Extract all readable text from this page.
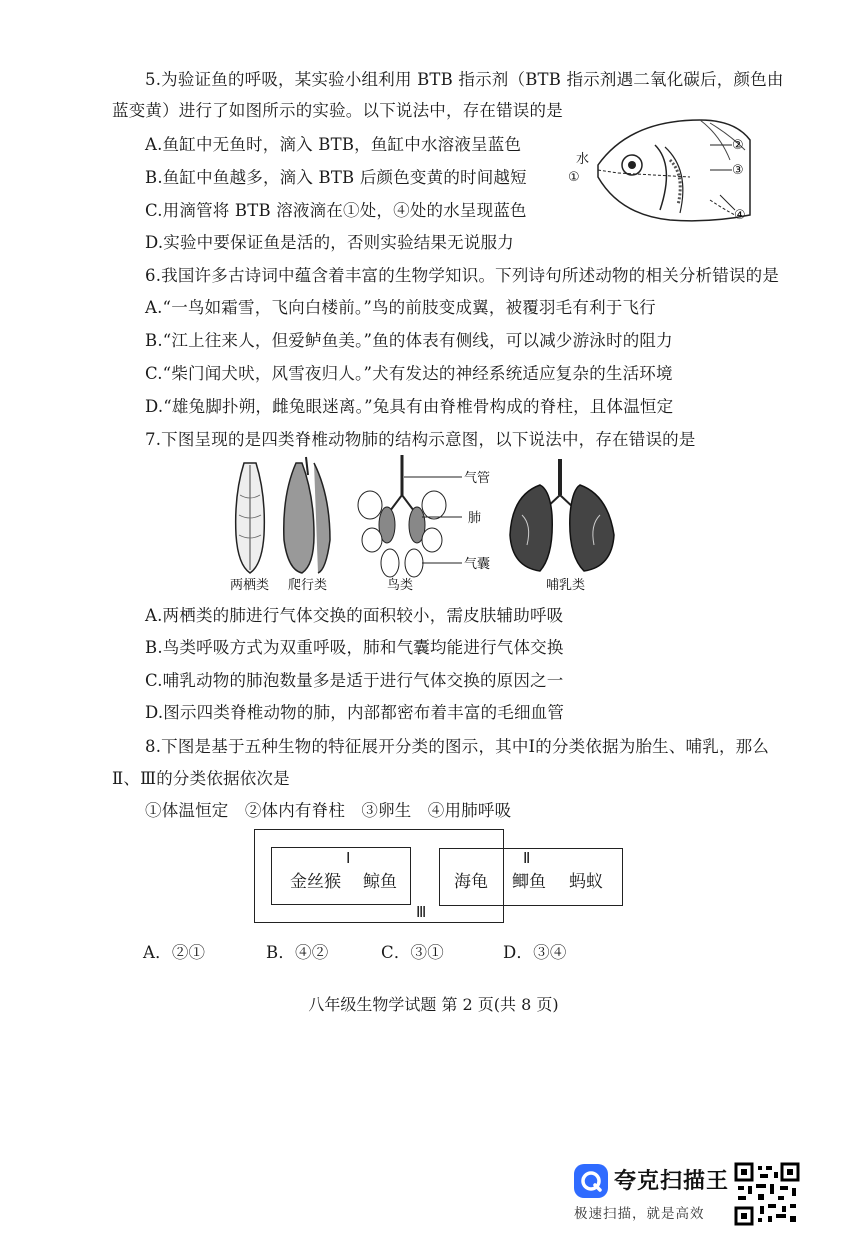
5.为验证鱼的呼吸，某实验小组利用 BTB 指示剂（BTB 指示剂遇二氧化碳后，颜色由
蓝变黄）进行了如图所示的实验。以下说法中，存在错误的是
A.鱼缸中无鱼时，滴入 BTB，鱼缸中水溶液呈蓝色
B.鱼缸中鱼越多，滴入 BTB 后颜色变黄的时间越短
C.用滴管将 BTB 溶液滴在①处，④处的水呈现蓝色
D.实验中要保证鱼是活的，否则实验结果无说服力
水
①
②
③
④
6.我国许多古诗词中蕴含着丰富的生物学知识。下列诗句所述动物的相关分析错误的是
A.“一鸟如霜雪，飞向白楼前。”鸟的前肢变成翼，被覆羽毛有利于飞行
B.“江上往来人，但爱鲈鱼美。”鱼的体表有侧线，可以减少游泳时的阻力
C.“柴门闻犬吠，风雪夜归人。”犬有发达的神经系统适应复杂的生活环境
D.“雄兔脚扑朔，雌兔眼迷离。”兔具有由脊椎骨构成的脊柱，且体温恒定
7.下图呈现的是四类脊椎动物肺的结构示意图，以下说法中，存在错误的是
气管
肺
气囊
两栖类 爬行类	鸟类	哺乳类
A.两栖类的肺进行气体交换的面积较小，需皮肤辅助呼吸
B.鸟类呼吸方式为双重呼吸，肺和气囊均能进行气体交换
C.哺乳动物的肺泡数量多是适于进行气体交换的原因之一
D.图示四类脊椎动物的肺，内部都密布着丰富的毛细血管
8.下图是基于五种生物的特征展开分类的图示，其中Ⅰ的分类依据为胎生、哺乳，那么
Ⅱ、Ⅲ的分类依据依次是
①体温恒定   ②体内有脊柱   ③卵生   ④用肺呼吸
Ⅰ	Ⅱ
Ⅲ
金丝猴 鲸鱼	海龟 鲫鱼 蚂蚁
A．②①	B．④②	C．③①	D．③④
八年级生物学试题 第 2 页(共 8 页)
夸克扫描王
极速扫描，就是高效
